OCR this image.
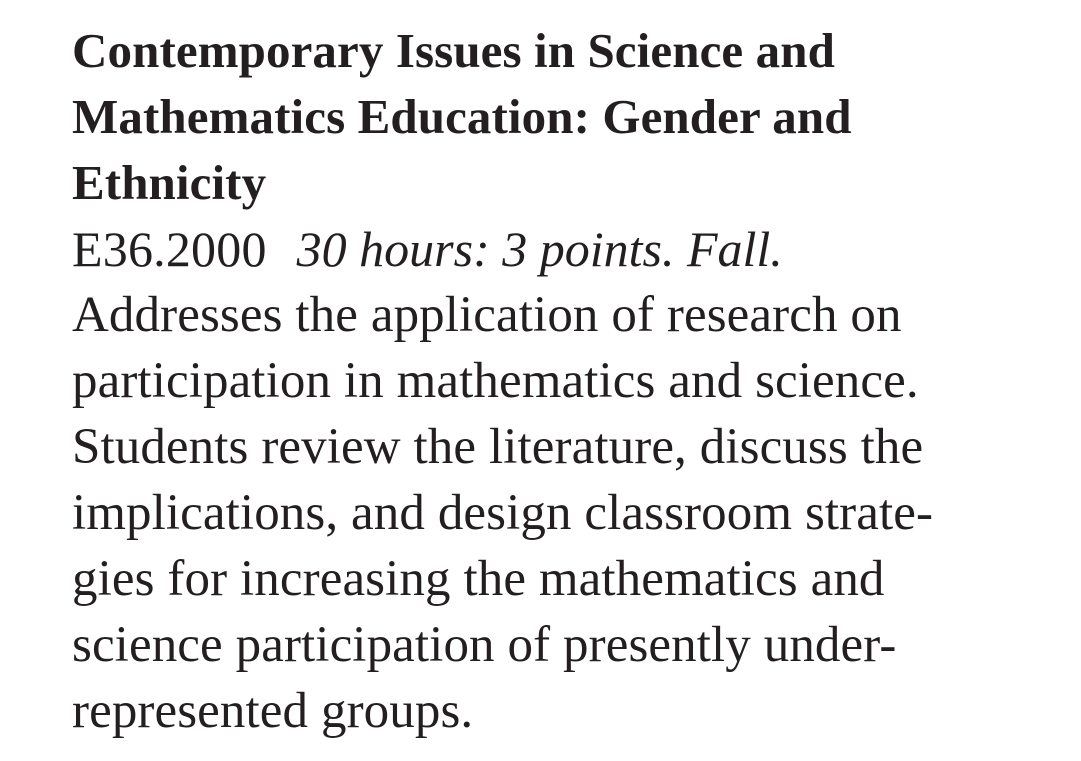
Contemporary Issues in Science and
Mathematics Education: Gender and
Ethnicity
E36.2000 30 hours: 3 points. Fall.
Addresses the application of research on
participation in mathematics and science.
Students review the literature, discuss the
implications, and design classroom strate-
gies for increasing the mathematics and
science participation of presently under-
represented groups.
